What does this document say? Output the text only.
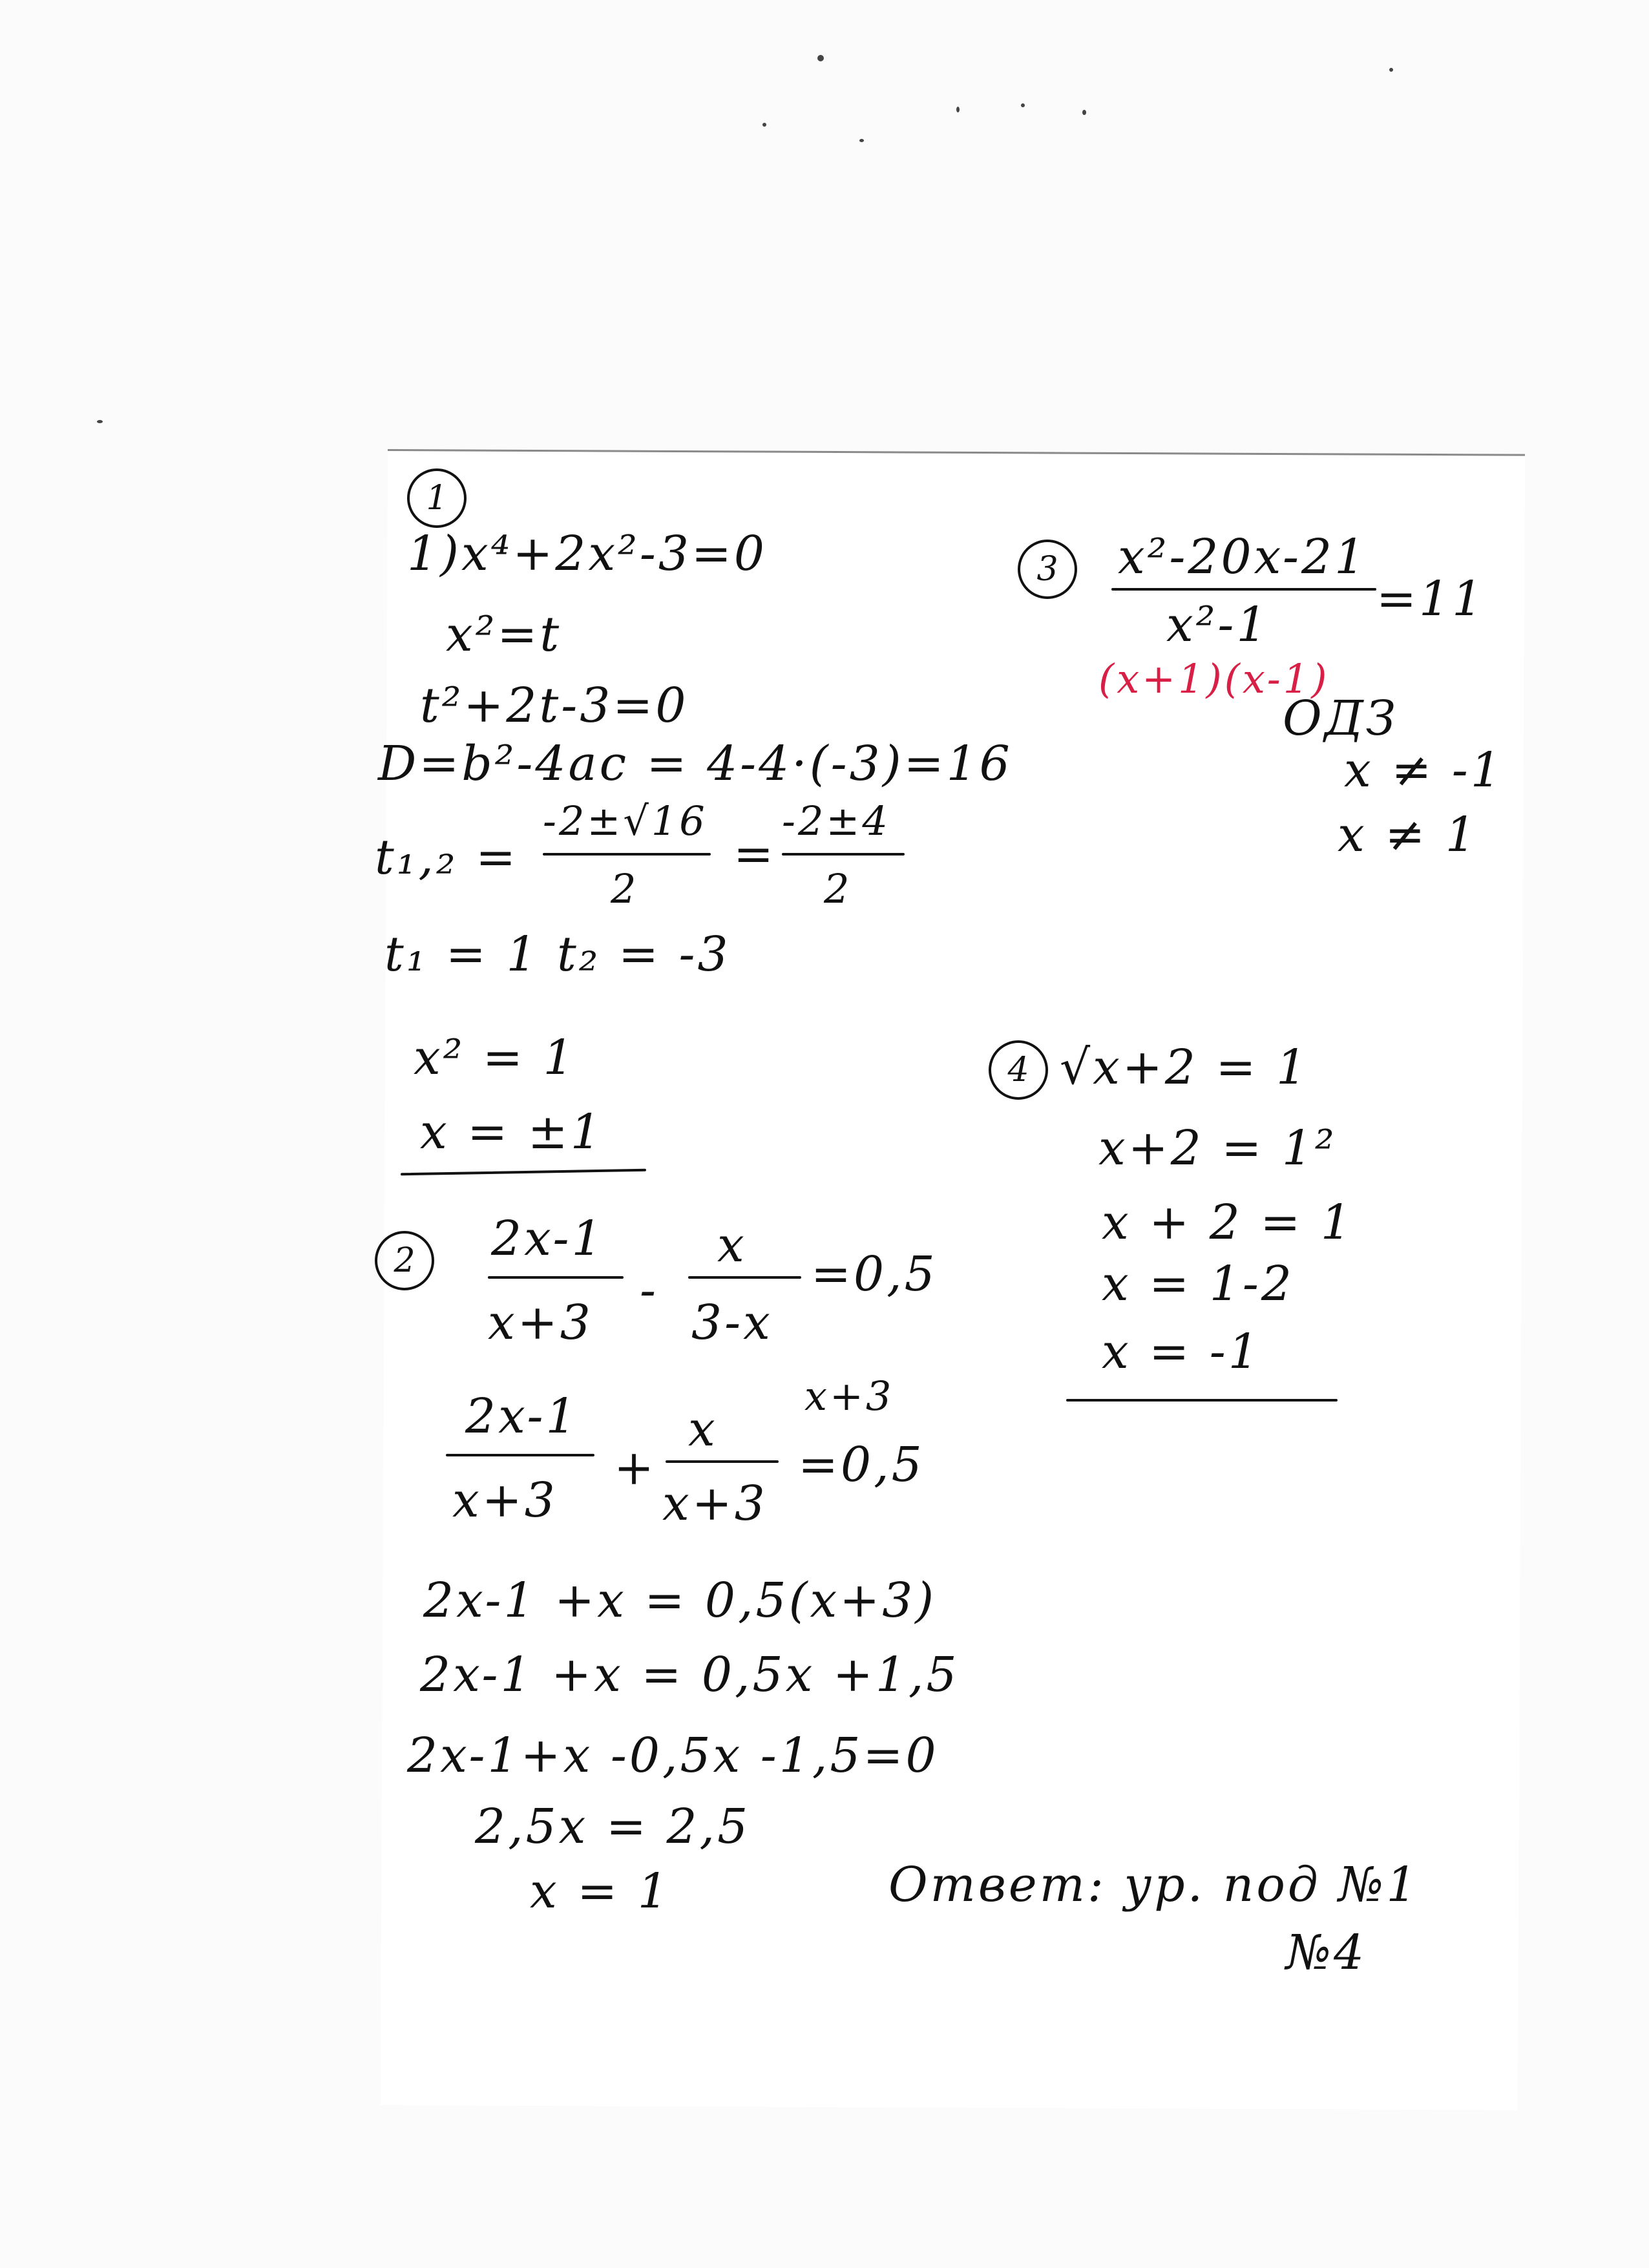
1
1)x⁴+2x²-3=0
x²=t
t²+2t-3=0
D=b²-4ac = 4-4·(-3)=16
t₁,₂ =
-2±√16
2
=
-2±4
2
t₁ = 1 t₂ = -3
x² = 1
x = ±1
2	2x-1
x+3
-
x
3-x
=0,5
2x-1
x+3
+
x
x+3
x+3
=0,5
2x-1 +x = 0,5(x+3)
2x-1 +x = 0,5x +1,5
2x-1+x -0,5x -1,5=0
2,5x = 2,5
x = 1
3	x²-20x-21
x²-1 =11
(x+1)(x-1)
ОДЗ
x ≠ -1
x ≠ 1
4 √x+2 = 1
x+2 = 1²
x + 2 = 1
x = 1-2
x = -1
Ответ: ур. под №1
№4
